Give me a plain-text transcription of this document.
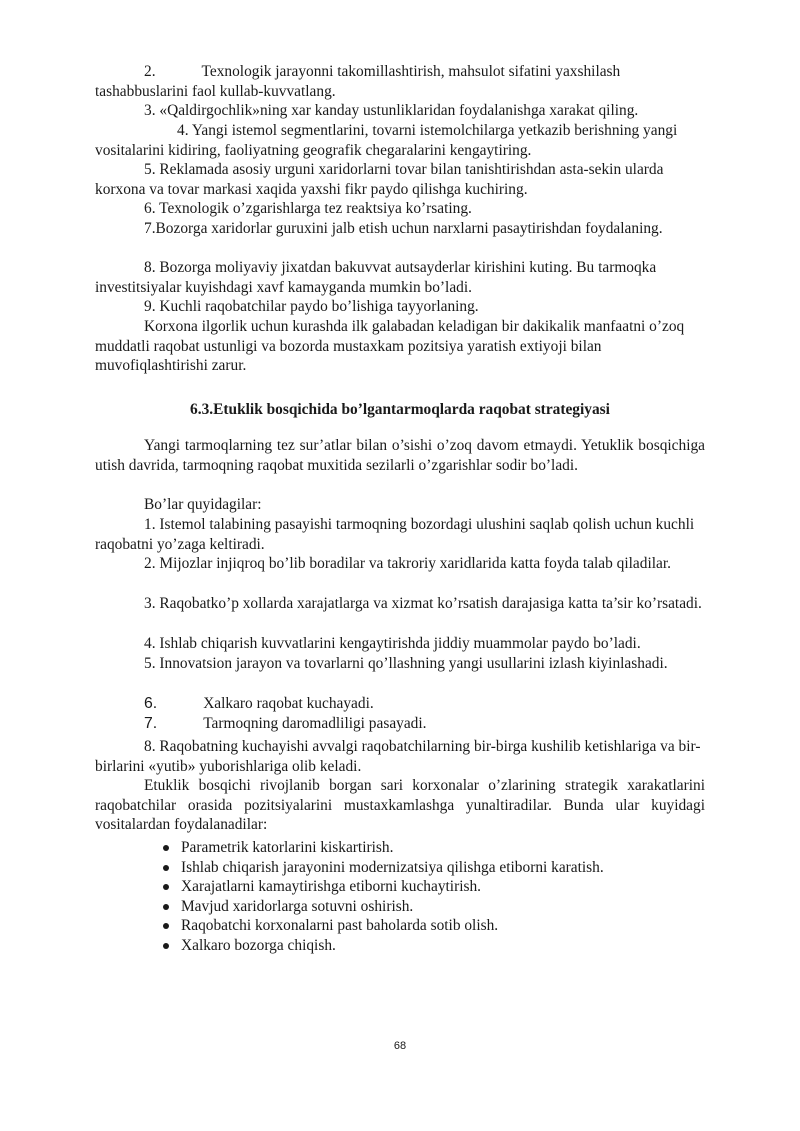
2.	Texnologik jarayonni takomillashtirish, mahsulot sifatini yaxshilash tashabbuslarini faol kullab-kuvvatlang.

3. «Qaldirgochlik»ning xar kanday ustunliklaridan foydalanishga xarakat qiling.

4. Yangi istemol segmentlarini, tovarni istemolchilarga yetkazib berishning yangi vositalarini kidiring, faoliyatning geografik chegaralarini kengaytiring.

5. Reklamada asosiy urguni xaridorlarni tovar bilan tanishtirishdan asta-sekin ularda korxona va tovar markasi xaqida yaxshi fikr paydo qilishga kuchiring.

6. Texnologik o’zgarishlarga tez reaktsiya ko’rsating.

7.Bozorga xaridorlar guruxini jalb etish uchun narxlarni pasaytirishdan foydalaning.

8. Bozorga moliyaviy jixatdan bakuvvat autsayderlar kirishini kuting. Bu tarmoqka investitsiyalar kuyishdagi xavf kamayganda mumkin bo’ladi.

9. Kuchli raqobatchilar paydo bo’lishiga tayyorlaning.

Korxona ilgorlik uchun kurashda ilk galabadan keladigan bir dakikalik manfaatni o’zoq muddatli raqobat ustunligi va bozorda mustaxkam pozitsiya yaratish extiyoji bilan muvofiqlashtirishi zarur.

6.3.Etuklik bosqichida bo’lgantarmoqlarda raqobat strategiyasi

Yangi tarmoqlarning tez sur’atlar bilan o’sishi o’zoq davom etmaydi. Yetuklik bosqichiga utish davrida, tarmoqning raqobat muxitida sezilarli o’zgarishlar sodir bo’ladi.

Bo’lar quyidagilar:

1. Istemol talabining pasayishi tarmoqning bozordagi ulushini saqlab qolish uchun kuchli raqobatni yo’zaga keltiradi.

2. Mijozlar injiqroq bo’lib boradilar va takroriy xaridlarida katta foyda talab qiladilar.

3. Raqobatko’p xollarda xarajatlarga va xizmat ko’rsatish darajasiga katta ta’sir ko’rsatadi.

4. Ishlab chiqarish kuvvatlarini kengaytirishda jiddiy muammolar paydo bo’ladi.

5. Innovatsion jarayon va tovarlarni qo’llashning yangi usullarini izlash kiyinlashadi.

6.	Xalkaro raqobat kuchayadi.

7.	Tarmoqning daromadliligi pasayadi.

8. Raqobatning kuchayishi avvalgi raqobatchilarning bir-birga kushilib ketishlariga va bir-birlarini «yutib» yuborishlariga olib keladi.

Etuklik bosqichi rivojlanib borgan sari korxonalar o’zlarining strategik xarakatlarini raqobatchilar orasida pozitsiyalarini mustaxkamlashga yunaltiradilar. Bunda ular kuyidagi vositalardan foydalanadilar:

Parametrik katorlarini kiskartirish.
Ishlab chiqarish jarayonini modernizatsiya qilishga etiborni karatish.
Xarajatlarni kamaytirishga etiborni kuchaytirish.
Mavjud xaridorlarga sotuvni oshirish.
Raqobatchi korxonalarni past baholarda sotib olish.
Xalkaro bozorga chiqish.
68
